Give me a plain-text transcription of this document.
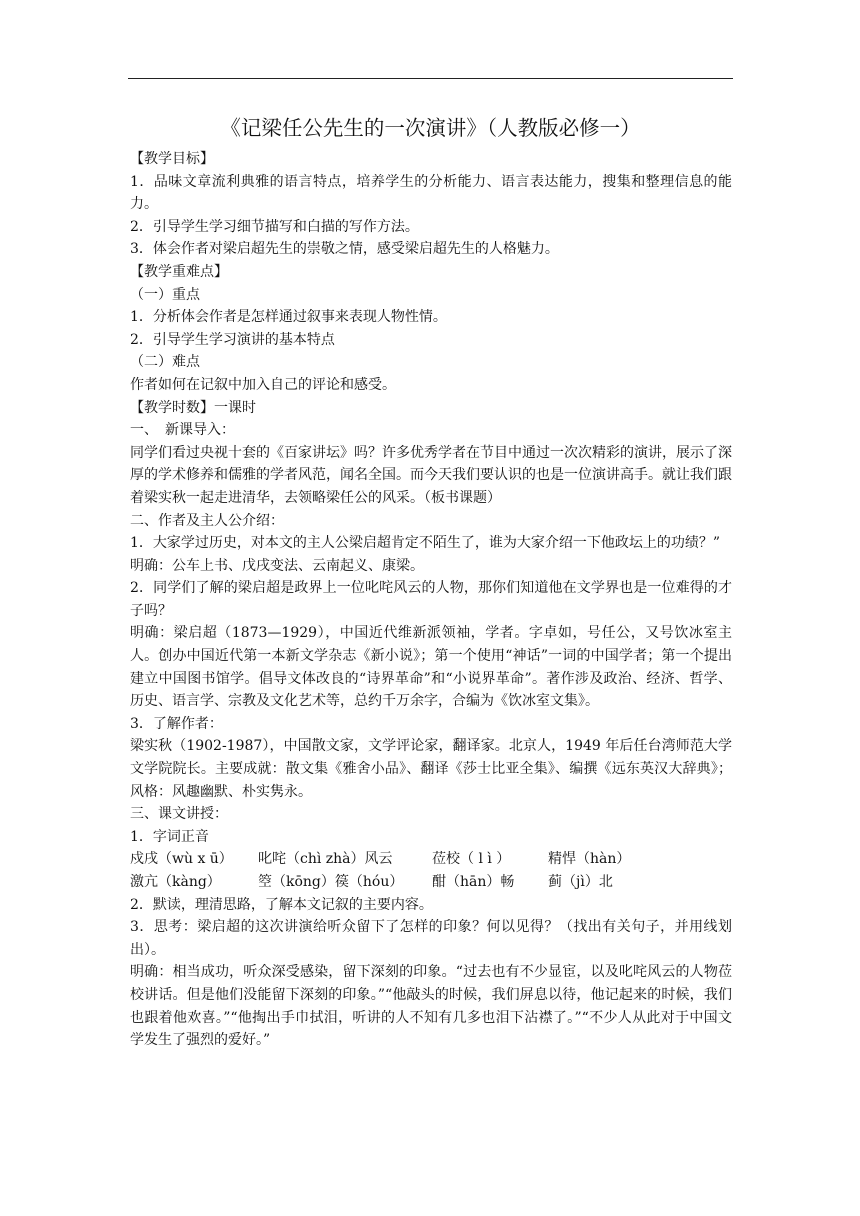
《记梁任公先生的一次演讲》（人教版必修一）

【教学目标】

1．品味文章流利典雅的语言特点，培养学生的分析能力、语言表达能力，搜集和整理信息的能力。

2．引导学生学习细节描写和白描的写作方法。

3．体会作者对梁启超先生的崇敬之情，感受梁启超先生的人格魅力。

【教学重难点】

（一）重点

1．分析体会作者是怎样通过叙事来表现人物性情。

2．引导学生学习演讲的基本特点

（二）难点

作者如何在记叙中加入自己的评论和感受。

【教学时数】一课时

一、　新课导入：

同学们看过央视十套的《百家讲坛》吗？许多优秀学者在节目中通过一次次精彩的演讲，展示了深厚的学术修养和儒雅的学者风范，闻名全国。而今天我们要认识的也是一位演讲高手。就让我们跟着梁实秋一起走进清华，去领略梁任公的风采。（板书课题）

二、作者及主人公介绍：

1．大家学过历史，对本文的主人公梁启超肯定不陌生了，谁为大家介绍一下他政坛上的功绩？”

明确：公车上书、戊戌变法、云南起义、康梁。

2．同学们了解的梁启超是政界上一位叱咤风云的人物，那你们知道他在文学界也是一位难得的才子吗？

明确：梁启超（1873—1929），中国近代维新派领袖，学者。字卓如，号任公，又号饮冰室主人。创办中国近代第一本新文学杂志《新小说》；第一个使用“神话”一词的中国学者；第一个提出建立中国图书馆学。倡导文体改良的“诗界革命”和“小说界革命”。著作涉及政治、经济、哲学、历史、语言学、宗教及文化艺术等，总约千万余字，合编为《饮冰室文集》。

3．了解作者：

梁实秋（1902-1987），中国散文家，文学评论家，翻译家。北京人，1949 年后任台湾师范大学文学院院长。主要成就：散文集《雅舍小品》、翻译《莎士比亚全集》、编撰《远东英汉大辞典》；风格：风趣幽默、朴实隽永。

三、课文讲授：

1．字词正音

戍戌（wù x ū）	叱咤（chì zhà）风云	莅校（ l ì ）	精悍（hàn）
激亢（kàng）	箜（kōng）篌（hóu）	酣（hān）畅	蓟（jì）北

2．默读，理清思路，了解本文记叙的主要内容。

3．思考：梁启超的这次讲演给听众留下了怎样的印象？何以见得？（找出有关句子，并用线划出）。

明确：相当成功，听众深受感染，留下深刻的印象。“过去也有不少显宦，以及叱咤风云的人物莅校讲话。但是他们没能留下深刻的印象。”“他敲头的时候，我们屏息以待，他记起来的时候，我们也跟着他欢喜。”“他掏出手巾拭泪，听讲的人不知有几多也泪下沾襟了。”“不少人从此对于中国文学发生了强烈的爱好。”
